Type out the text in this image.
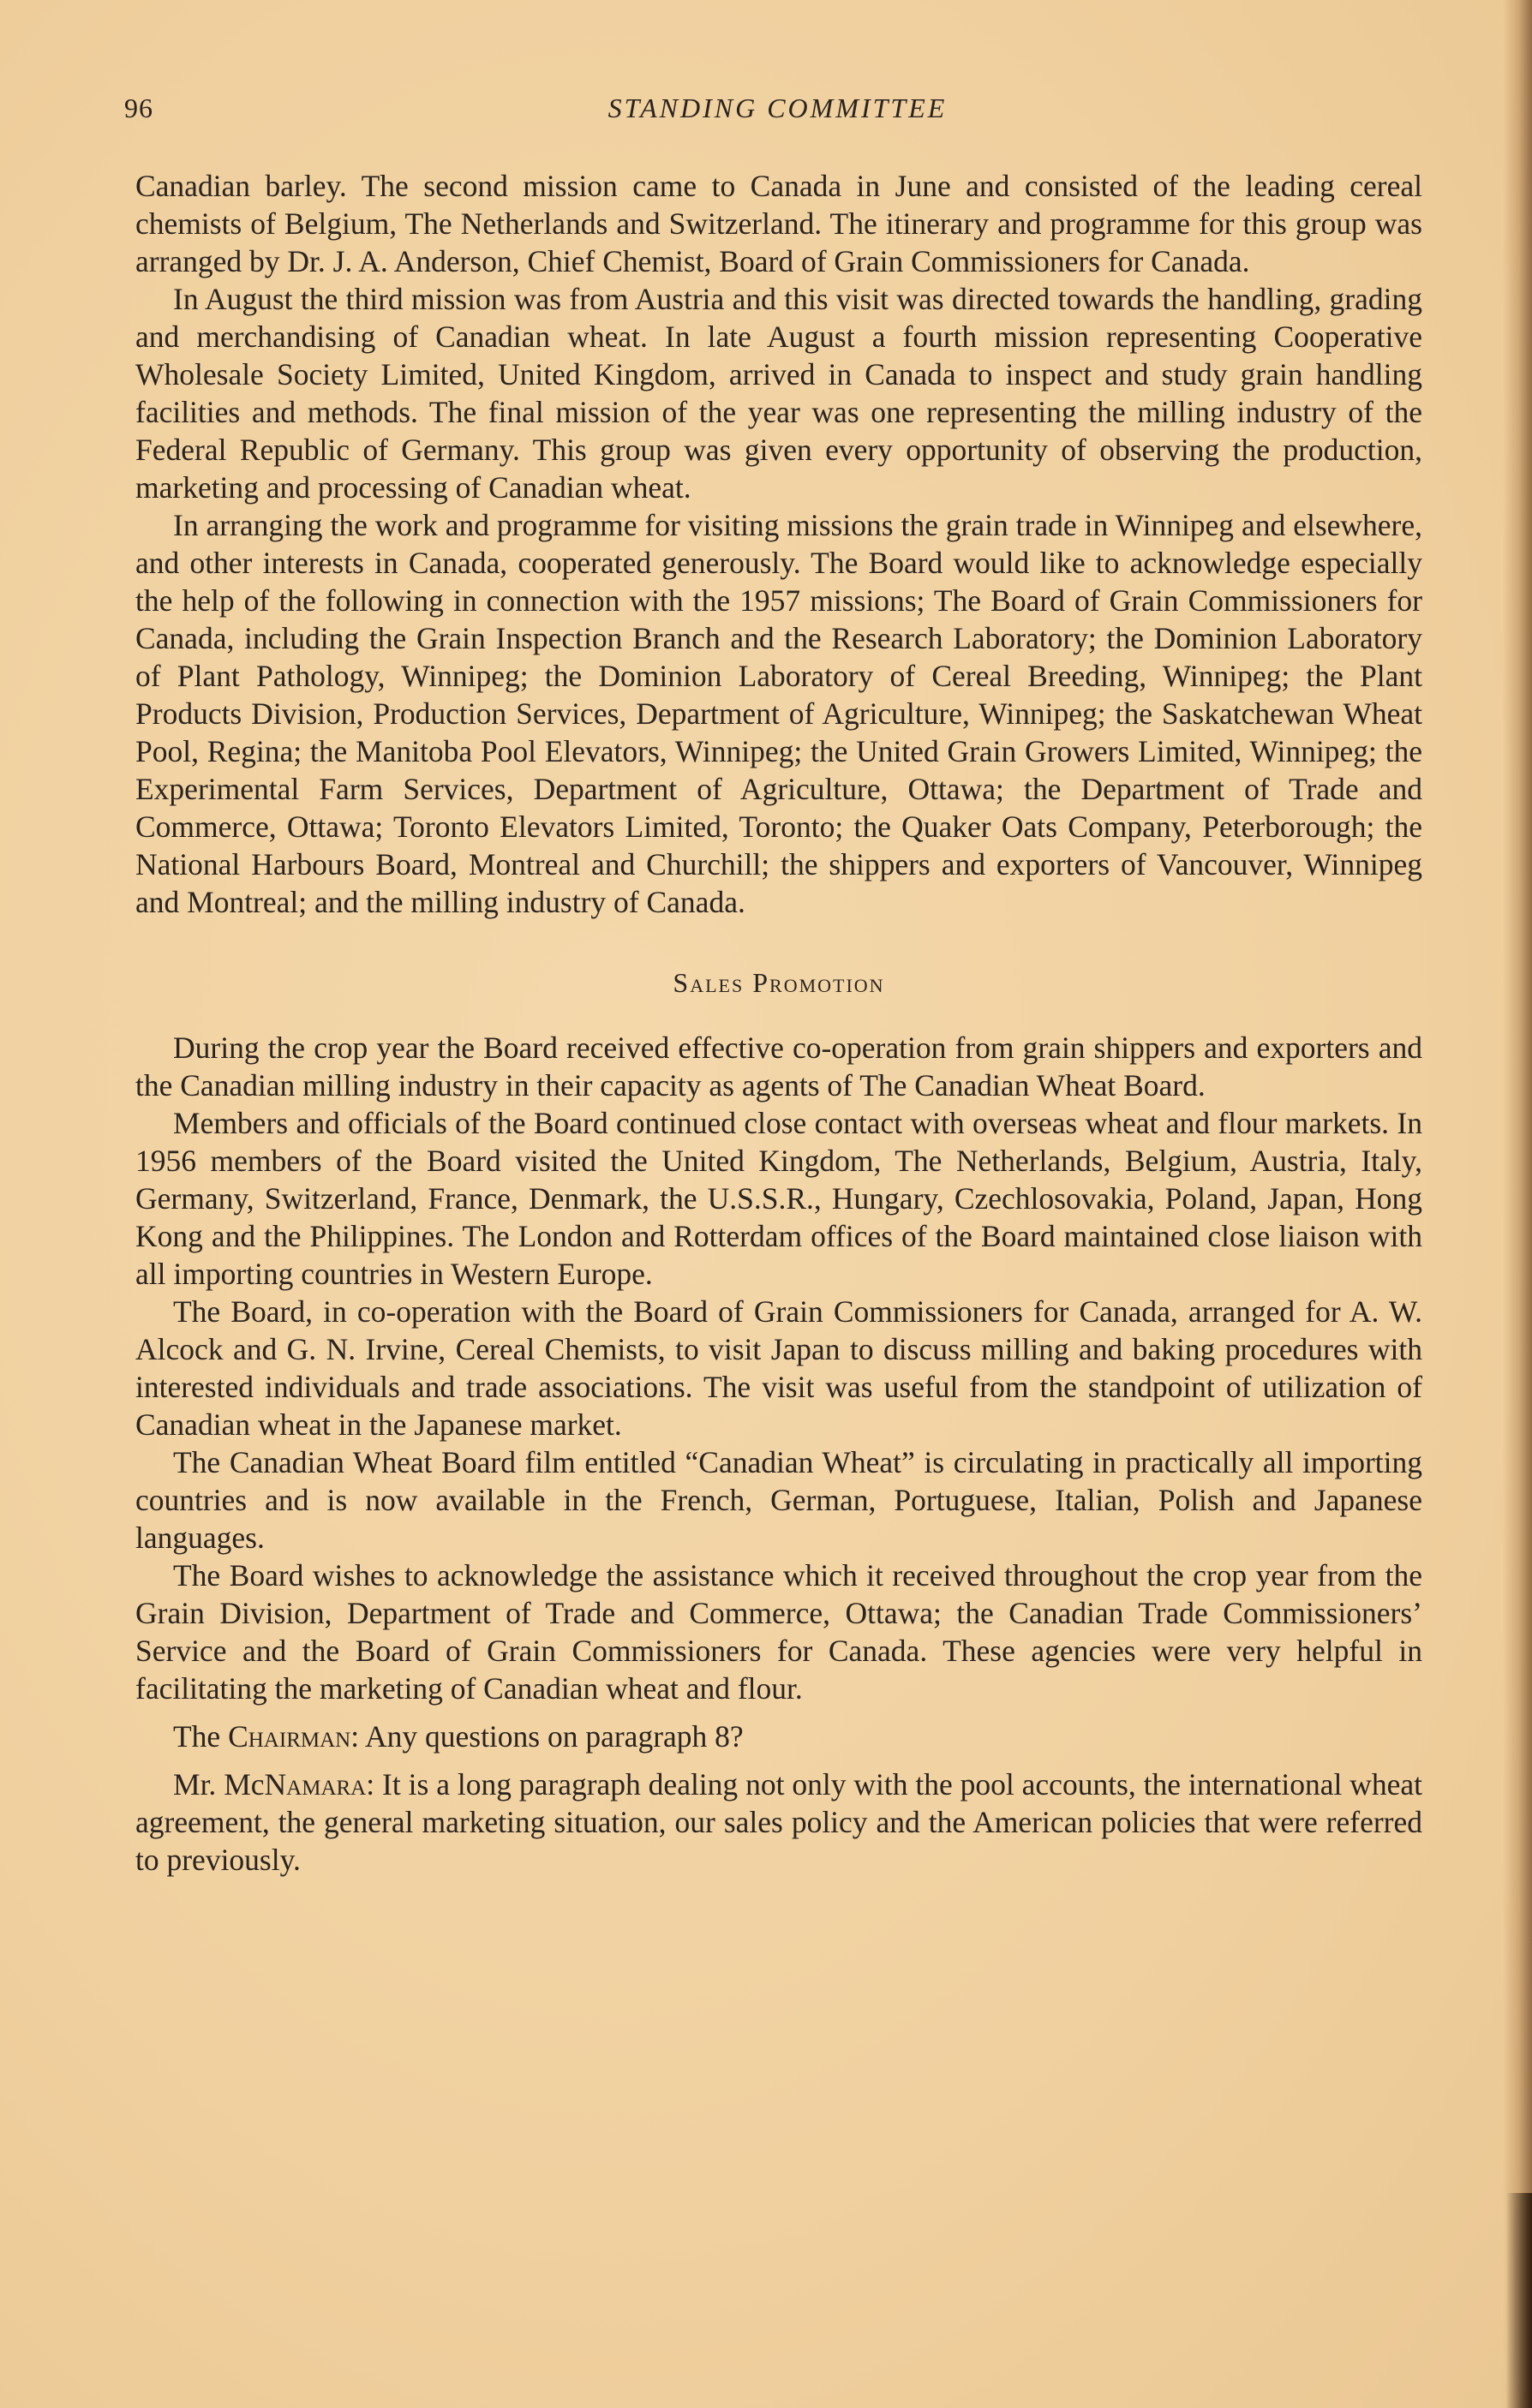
96	STANDING COMMITTEE

Canadian barley. The second mission came to Canada in June and consisted of the leading cereal chemists of Belgium, The Netherlands and Switzerland. The itinerary and programme for this group was arranged by Dr. J. A. Anderson, Chief Chemist, Board of Grain Commissioners for Canada.

In August the third mission was from Austria and this visit was directed towards the handling, grading and merchandising of Canadian wheat. In late August a fourth mission representing Cooperative Wholesale Society Limited, United Kingdom, arrived in Canada to inspect and study grain handling facilities and methods. The final mission of the year was one representing the milling industry of the Federal Republic of Germany. This group was given every opportunity of observing the production, marketing and processing of Canadian wheat.

In arranging the work and programme for visiting missions the grain trade in Winnipeg and elsewhere, and other interests in Canada, cooperated generously. The Board would like to acknowledge especially the help of the following in connection with the 1957 missions; The Board of Grain Commissioners for Canada, including the Grain Inspection Branch and the Research Laboratory; the Dominion Laboratory of Plant Pathology, Winnipeg; the Dominion Laboratory of Cereal Breeding, Winnipeg; the Plant Products Division, Production Services, Department of Agriculture, Winnipeg; the Saskatchewan Wheat Pool, Regina; the Manitoba Pool Elevators, Winnipeg; the United Grain Growers Limited, Winnipeg; the Experimental Farm Services, Department of Agriculture, Ottawa; the Department of Trade and Commerce, Ottawa; Toronto Elevators Limited, Toronto; the Quaker Oats Company, Peterborough; the National Harbours Board, Montreal and Churchill; the shippers and exporters of Vancouver, Winnipeg and Montreal; and the milling industry of Canada.

Sales Promotion

During the crop year the Board received effective co-operation from grain shippers and exporters and the Canadian milling industry in their capacity as agents of The Canadian Wheat Board.

Members and officials of the Board continued close contact with overseas wheat and flour markets. In 1956 members of the Board visited the United Kingdom, The Netherlands, Belgium, Austria, Italy, Germany, Switzerland, France, Denmark, the U.S.S.R., Hungary, Czechlosovakia, Poland, Japan, Hong Kong and the Philippines. The London and Rotterdam offices of the Board maintained close liaison with all importing countries in Western Europe.

The Board, in co-operation with the Board of Grain Commissioners for Canada, arranged for A. W. Alcock and G. N. Irvine, Cereal Chemists, to visit Japan to discuss milling and baking procedures with interested individuals and trade associations. The visit was useful from the standpoint of utilization of Canadian wheat in the Japanese market.

The Canadian Wheat Board film entitled “Canadian Wheat” is circulating in practically all importing countries and is now available in the French, German, Portuguese, Italian, Polish and Japanese languages.

The Board wishes to acknowledge the assistance which it received throughout the crop year from the Grain Division, Department of Trade and Commerce, Ottawa; the Canadian Trade Commissioners’ Service and the Board of Grain Commissioners for Canada. These agencies were very helpful in facilitating the marketing of Canadian wheat and flour.

The Chairman: Any questions on paragraph 8?

Mr. McNamara: It is a long paragraph dealing not only with the pool accounts, the international wheat agreement, the general marketing situation, our sales policy and the American policies that were referred to previously.
